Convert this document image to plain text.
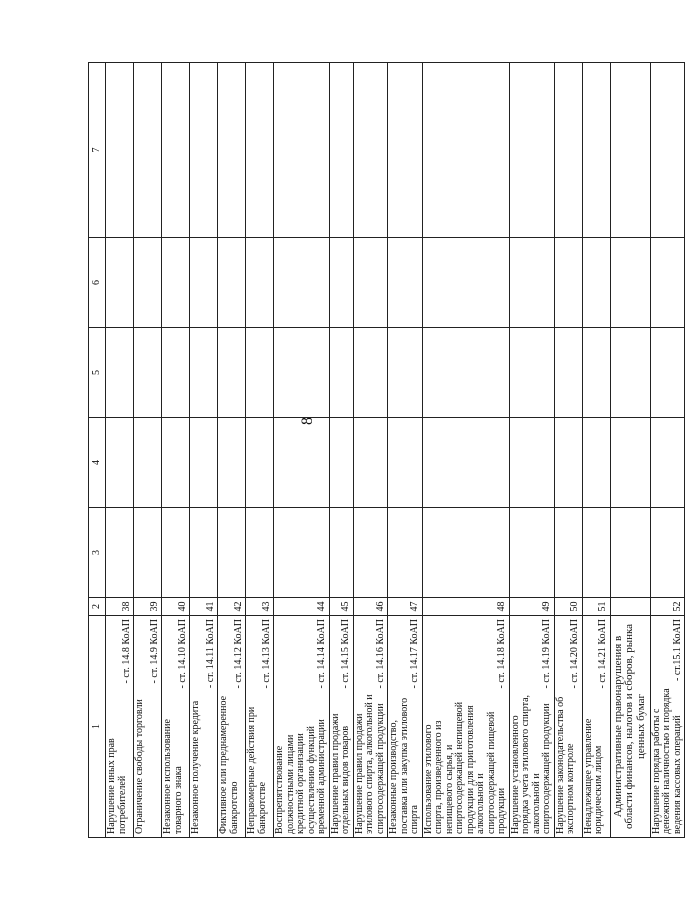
8
1	2	3	4	5	6	7

Нарушение иных прав потребителей
- ст. 14.8 КоАП	38					

Ограничение свободы торговли
- ст. 14.9 КоАП	39					

Незаконное использование товарного знака
- ст. 14.10 КоАП	40					

Незаконное получение кредита
- ст. 14.11 КоАП	41					

Фиктивное или преднамеренное банкротство
- ст. 14.12 КоАП	42					

Неправомерные действия при банкротстве
- ст. 14.13 КоАП	43					

Воспрепятствование должностными лицами кредитной организации осуществлению функций временной администрации
- ст. 14.14 КоАП	44					

Нарушение правил продажи отдельных видов товаров
- ст. 14.15 КоАП	45					

Нарушение правил продажи этилового спирта, алкогольной и спиртосодержащей продукции
- ст. 14.16 КоАП	46					

Незаконные производство, поставка или закупка этилового спирта
- ст. 14.17 КоАП	47					

Использование этилового спирта, произведенного из непищевого сырья, и спиртосодержащей непищевой продукции для приготовления алкогольной и спиртосодержащей пищевой продукции
- ст. 14.18 КоАП	48					

Нарушение установленного порядка учета этилового спирта, алкогольной и спиртосодержащей продукции
- ст. 14.19 КоАП	49					

Нарушение законодательства об экспортном контроле
- ст. 14.20 КоАП	50					

Ненадлежащее управление юридическим лицом
- ст. 14.21 КоАП	51					
Административные правонарушения в области финансов, налогов и сборов, рынка ценных бумаг						

Нарушение порядка работы с денежной наличностью и порядка ведения кассовых операций
- ст.15.1 КоАП	52					
